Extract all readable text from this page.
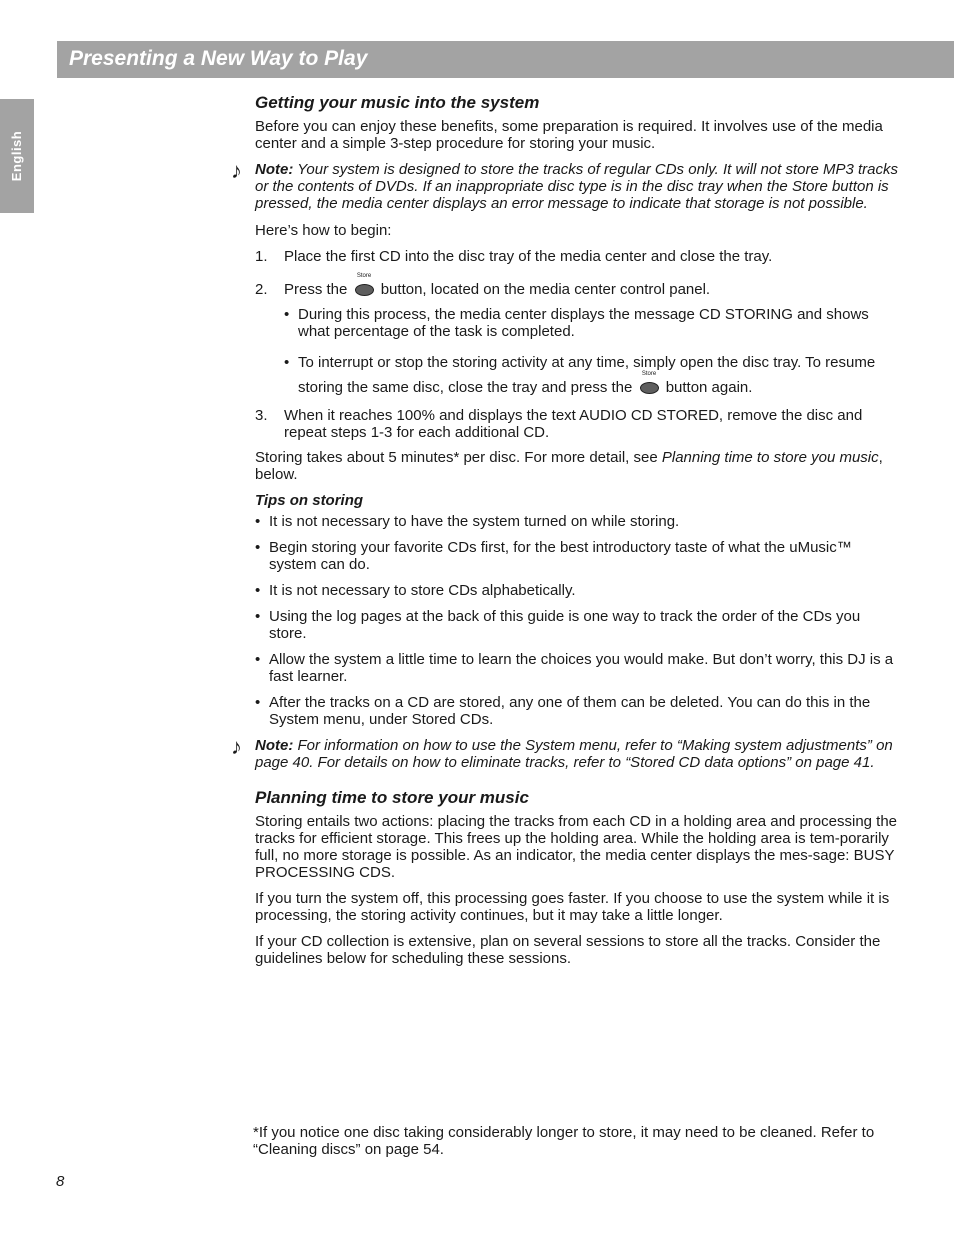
Presenting a New Way to Play
English
Getting your music into the system

Before you can enjoy these benefits, some preparation is required. It involves use of the media center and a simple 3-step procedure for storing your music.

♪ Note: Your system is designed to store the tracks of regular CDs only. It will not store MP3 tracks or the contents of DVDs. If an inappropriate disc type is in the disc tray when the Store button is pressed, the media center displays an error message to indicate that storage is not possible.

Here’s how to begin:

1. Place the first CD into the disc tray of the media center and close the tray.
2. Press the
Store
button, located on the media center control panel.
• During this process, the media center displays the message CD STORING and shows what percentage of the task is completed.
• To interrupt or stop the storing activity at any time, simply open the disc tray. To resume storing the same disc, close the tray and press the
Store
button again.
3. When it reaches 100% and displays the text AUDIO CD STORED, remove the disc and repeat steps 1-3 for each additional CD.

Storing takes about 5 minutes* per disc. For more detail, see Planning time to store you music, below.

Tips on storing
• It is not necessary to have the system turned on while storing.
• Begin storing your favorite CDs first, for the best introductory taste of what the uMusic™ system can do.
• It is not necessary to store CDs alphabetically.
• Using the log pages at the back of this guide is one way to track the order of the CDs you store.
• Allow the system a little time to learn the choices you would make. But don’t worry, this DJ is a fast learner.
• After the tracks on a CD are stored, any one of them can be deleted. You can do this in the System menu, under Stored CDs.
♪ Note: For information on how to use the System menu, refer to “Making system adjustments” on page 40. For details on how to eliminate tracks, refer to “Stored CD data options” on page 41.
Planning time to store your music

Storing entails two actions: placing the tracks from each CD in a holding area and processing the tracks for efficient storage. This frees up the holding area. While the holding area is tem-porarily full, no more storage is possible. As an indicator, the media center displays the mes-sage: BUSY PROCESSING CDS.

If you turn the system off, this processing goes faster. If you choose to use the system while it is processing, the storing activity continues, but it may take a little longer.

If your CD collection is extensive, plan on several sessions to store all the tracks. Consider the guidelines below for scheduling these sessions.

*If you notice one disc taking considerably longer to store, it may need to be cleaned. Refer to “Cleaning discs” on page 54.

8
